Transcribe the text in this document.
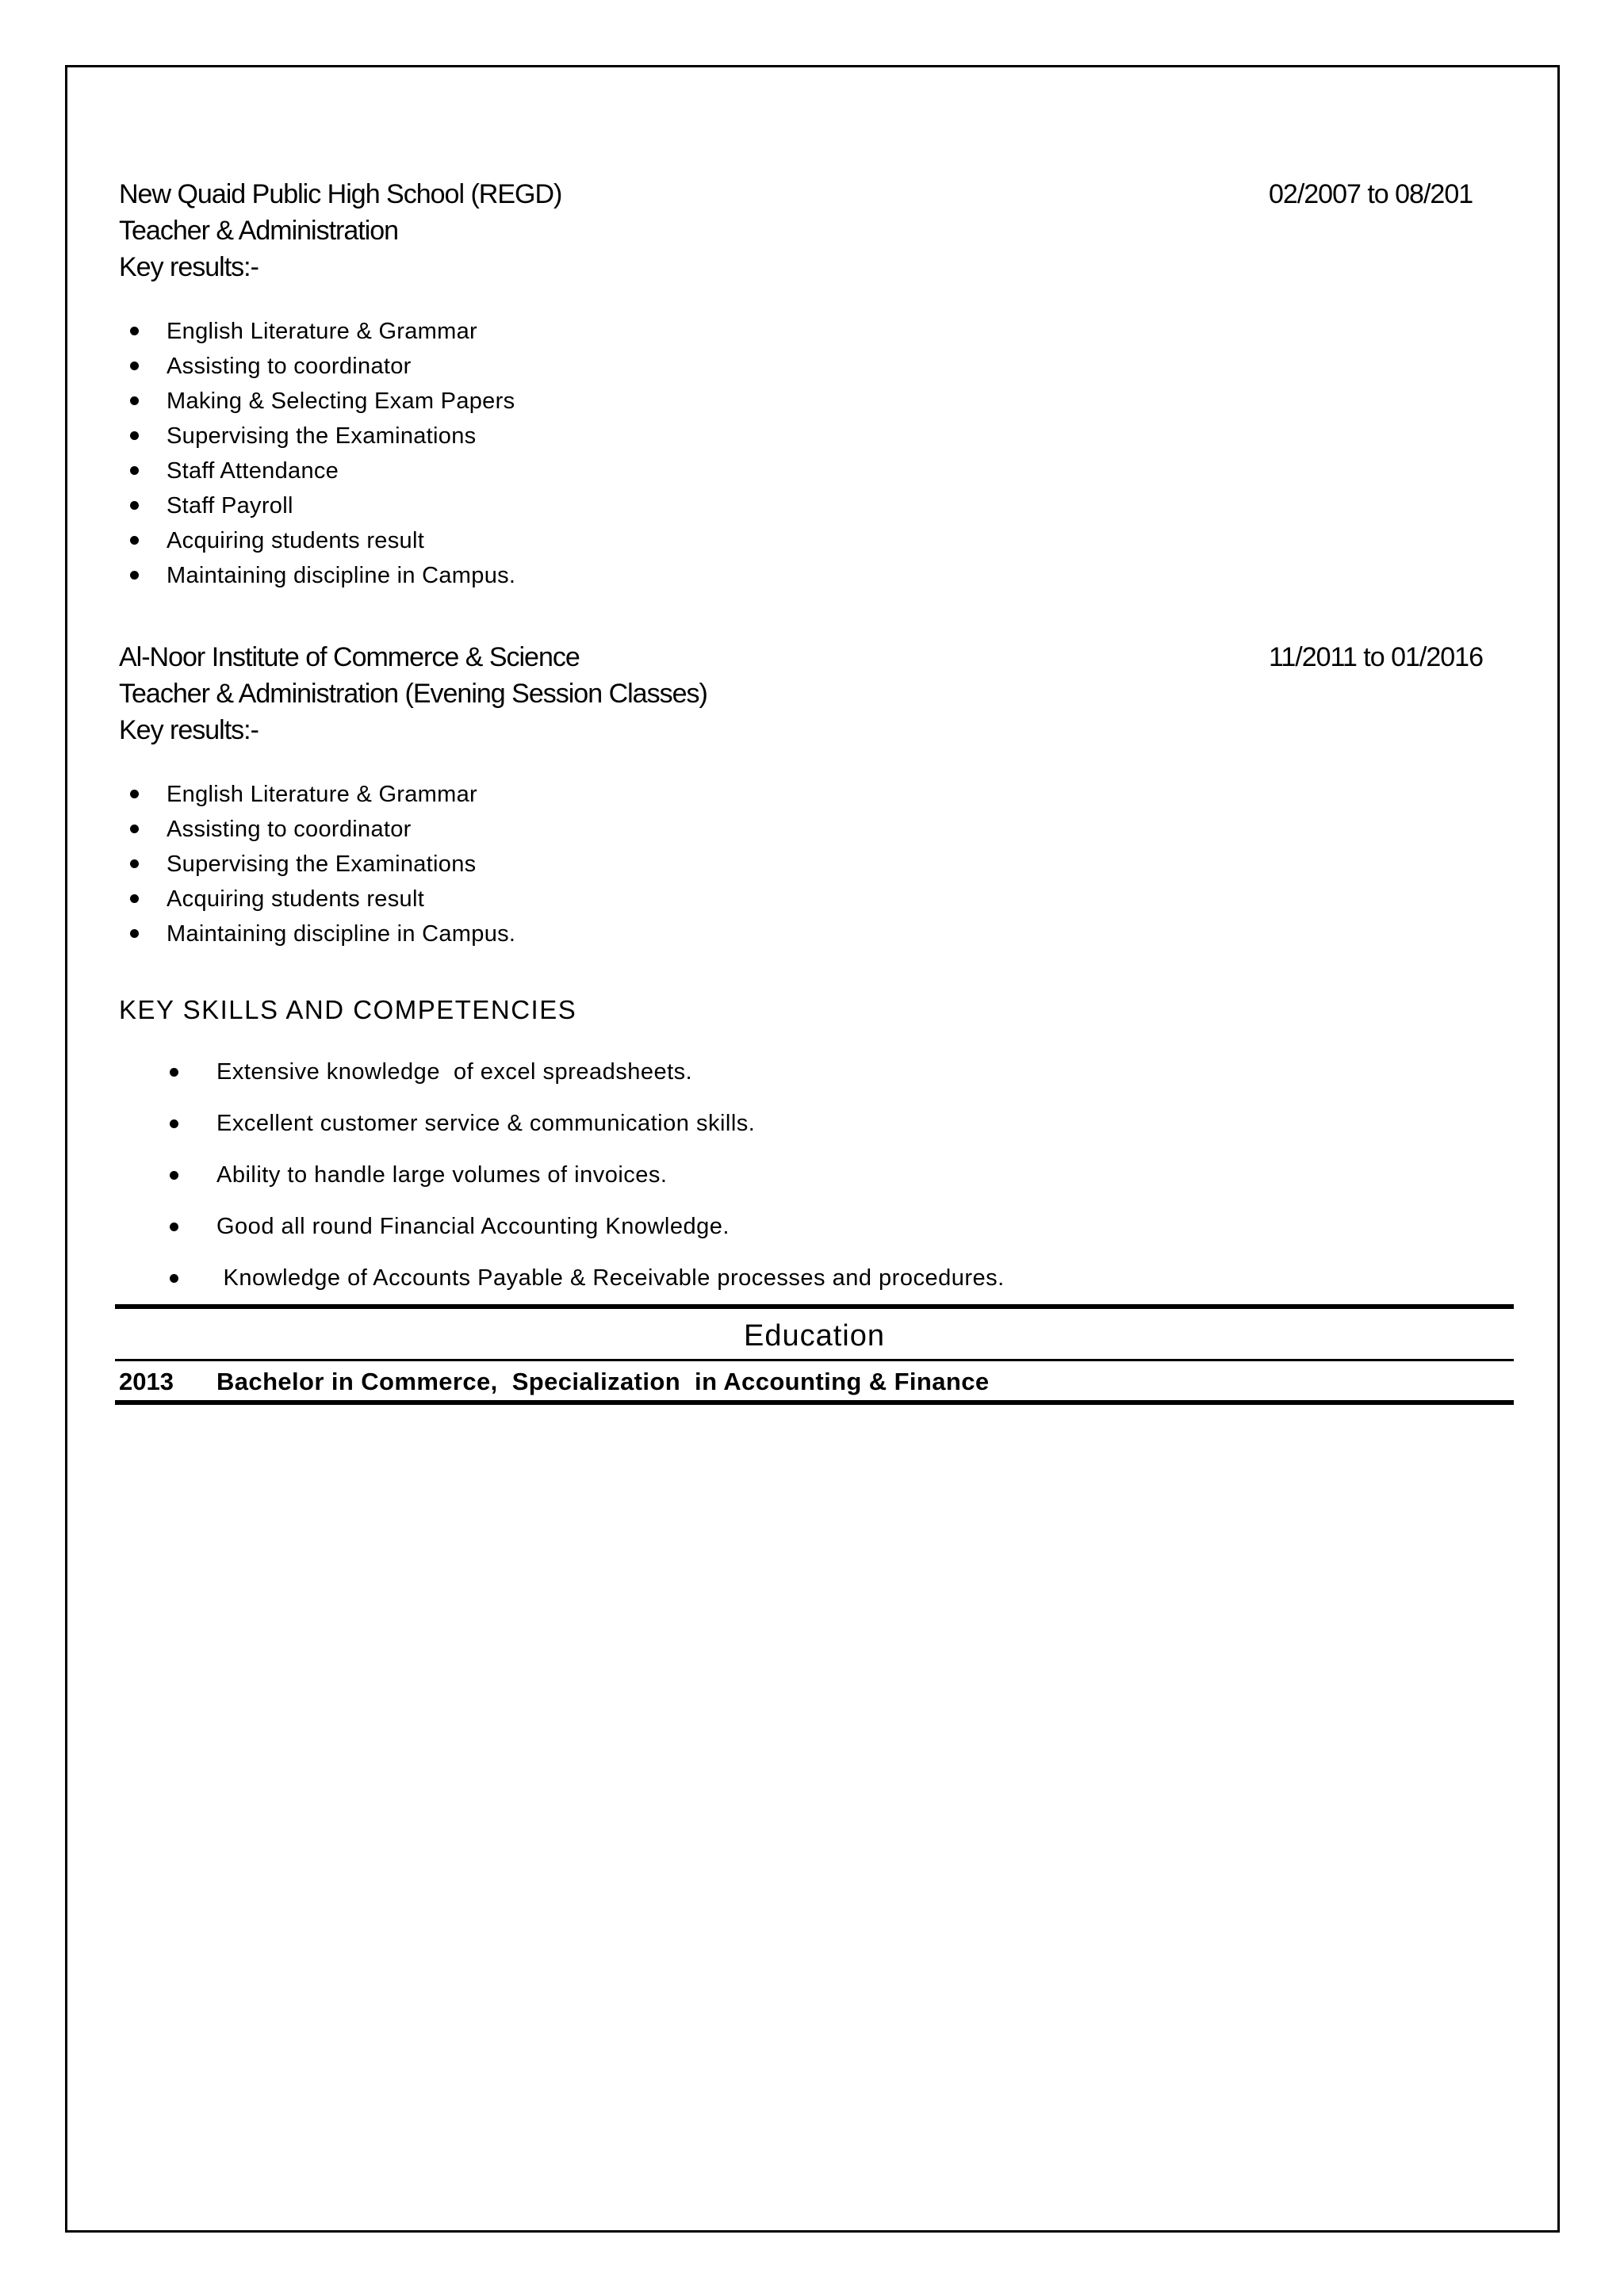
New Quaid Public High School (REGD)	02/2007 to 08/201
Teacher & Administration
Key results:-
English Literature & Grammar
Assisting to coordinator
Making & Selecting Exam Papers
Supervising the Examinations
Staff Attendance
Staff Payroll
Acquiring students result
Maintaining discipline in Campus.
Al-Noor Institute of Commerce & Science	11/2011 to 01/2016
Teacher & Administration (Evening Session Classes)
Key results:-
English Literature & Grammar
Assisting to coordinator
Supervising the Examinations
Acquiring students result
Maintaining discipline in Campus.
KEY SKILLS AND COMPETENCIES
Extensive knowledge  of excel spreadsheets.
Excellent customer service & communication skills.
Ability to handle large volumes of invoices.
Good all round Financial Accounting Knowledge.
Knowledge of Accounts Payable & Receivable processes and procedures.
Education
2013 Bachelor in Commerce,  Specialization  in Accounting & Finance
